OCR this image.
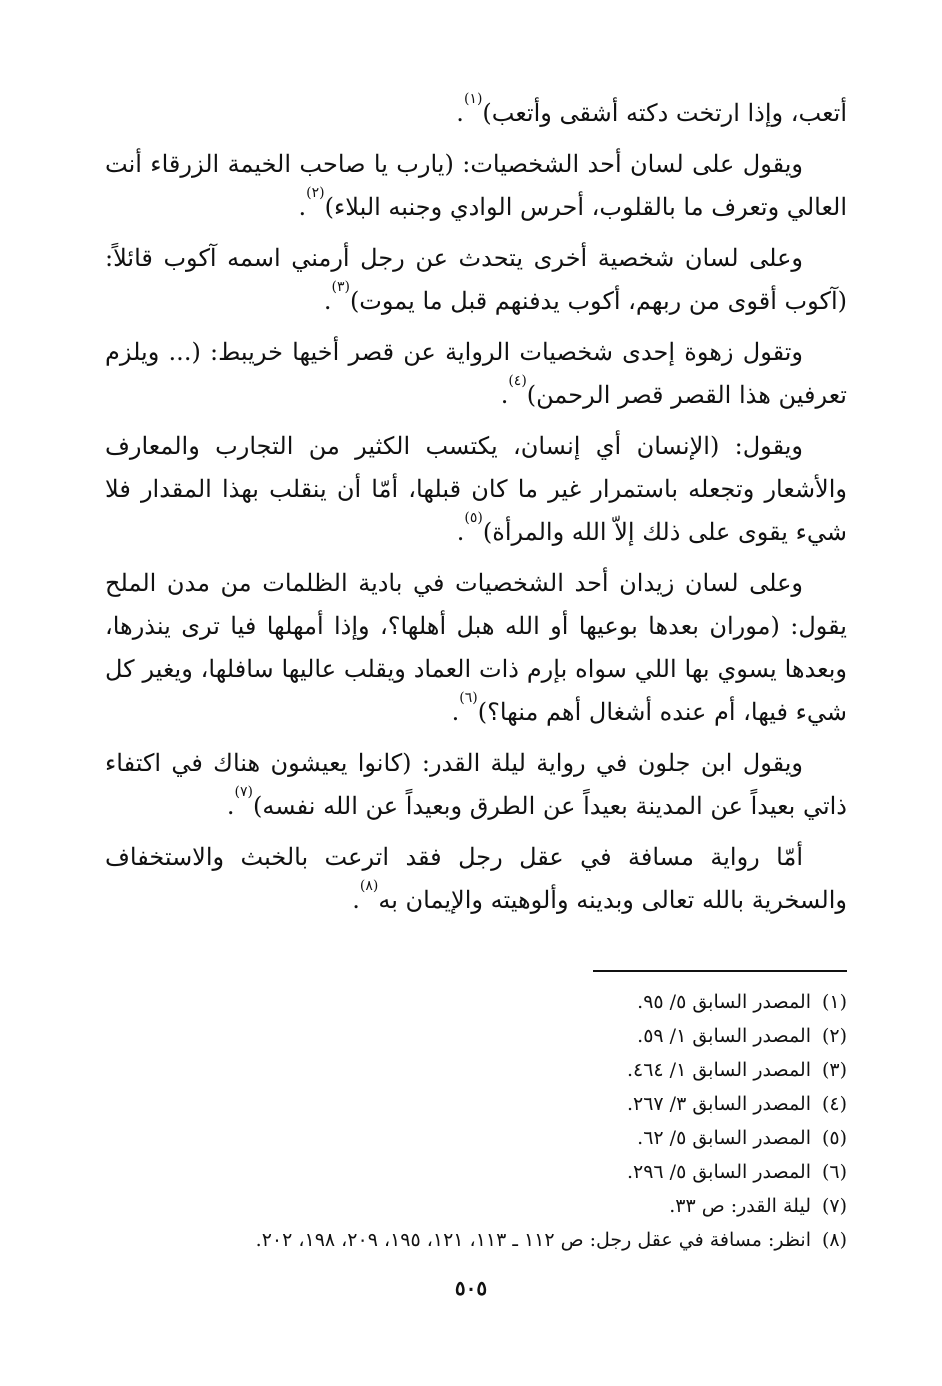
أتعب، وإذا ارتخت دكته أشقى وأتعب)$^{(١)}$.

ويقول على لسان أحد الشخصيات: (يارب يا صاحب الخيمة الزرقاء أنت العالي وتعرف ما بالقلوب، أحرس الوادي وجنبه البلاء)$^{(٢)}$.

وعلى لسان شخصية أخرى يتحدث عن رجل أرمني اسمه آكوب قائلاً: (آكوب أقوى من ربهم، أكوب يدفنهم قبل ما يموت)$^{(٣)}$.

وتقول زهوة إحدى شخصيات الرواية عن قصر أخيها خريبط: (... ويلزم تعرفين هذا القصر قصر الرحمن)$^{(٤)}$.

ويقول: (الإنسان أي إنسان، يكتسب الكثير من التجارب والمعارف والأشعار وتجعله باستمرار غير ما كان قبلها، أمّا أن ينقلب بهذا المقدار فلا شيء يقوى على ذلك إلاّ الله والمرأة)$^{(٥)}$.

وعلى لسان زيدان أحد الشخصيات في بادية الظلمات من مدن الملح يقول: (موران بعدها بوعيها أو الله هبل أهلها؟، وإذا أمهلها فيا ترى ينذرها، وبعدها يسوي بها اللي سواه بإرم ذات العماد ويقلب عاليها سافلها، ويغير كل شيء فيها، أم عنده أشغال أهم منها؟)$^{(٦)}$.

ويقول ابن جلون في رواية ليلة القدر: (كانوا يعيشون هناك في اكتفاء ذاتي بعيداً عن المدينة بعيداً عن الطرق وبعيداً عن الله نفسه)$^{(٧)}$.

أمّا رواية مسافة في عقل رجل فقد اترعت بالخبث والاستخفاف والسخرية بالله تعالى وبدينه وألوهيته والإيمان به$^{(٨)}$.

(١)المصدر السابق ٥/ ٩٥.
(٢)المصدر السابق ١/ ٥٩.
(٣)المصدر السابق ١/ ٤٦٤.
(٤)المصدر السابق ٣/ ٢٦٧.
(٥)المصدر السابق ٥/ ٦٢.
(٦)المصدر السابق ٥/ ٢٩٦.
(٧)ليلة القدر: ص ٣٣.
(٨)انظر: مسافة في عقل رجل: ص ١١٢ ـ ١١٣، ١٢١، ١٩٥، ٢٠٩، ١٩٨، ٢٠٢.
٥٠٥
